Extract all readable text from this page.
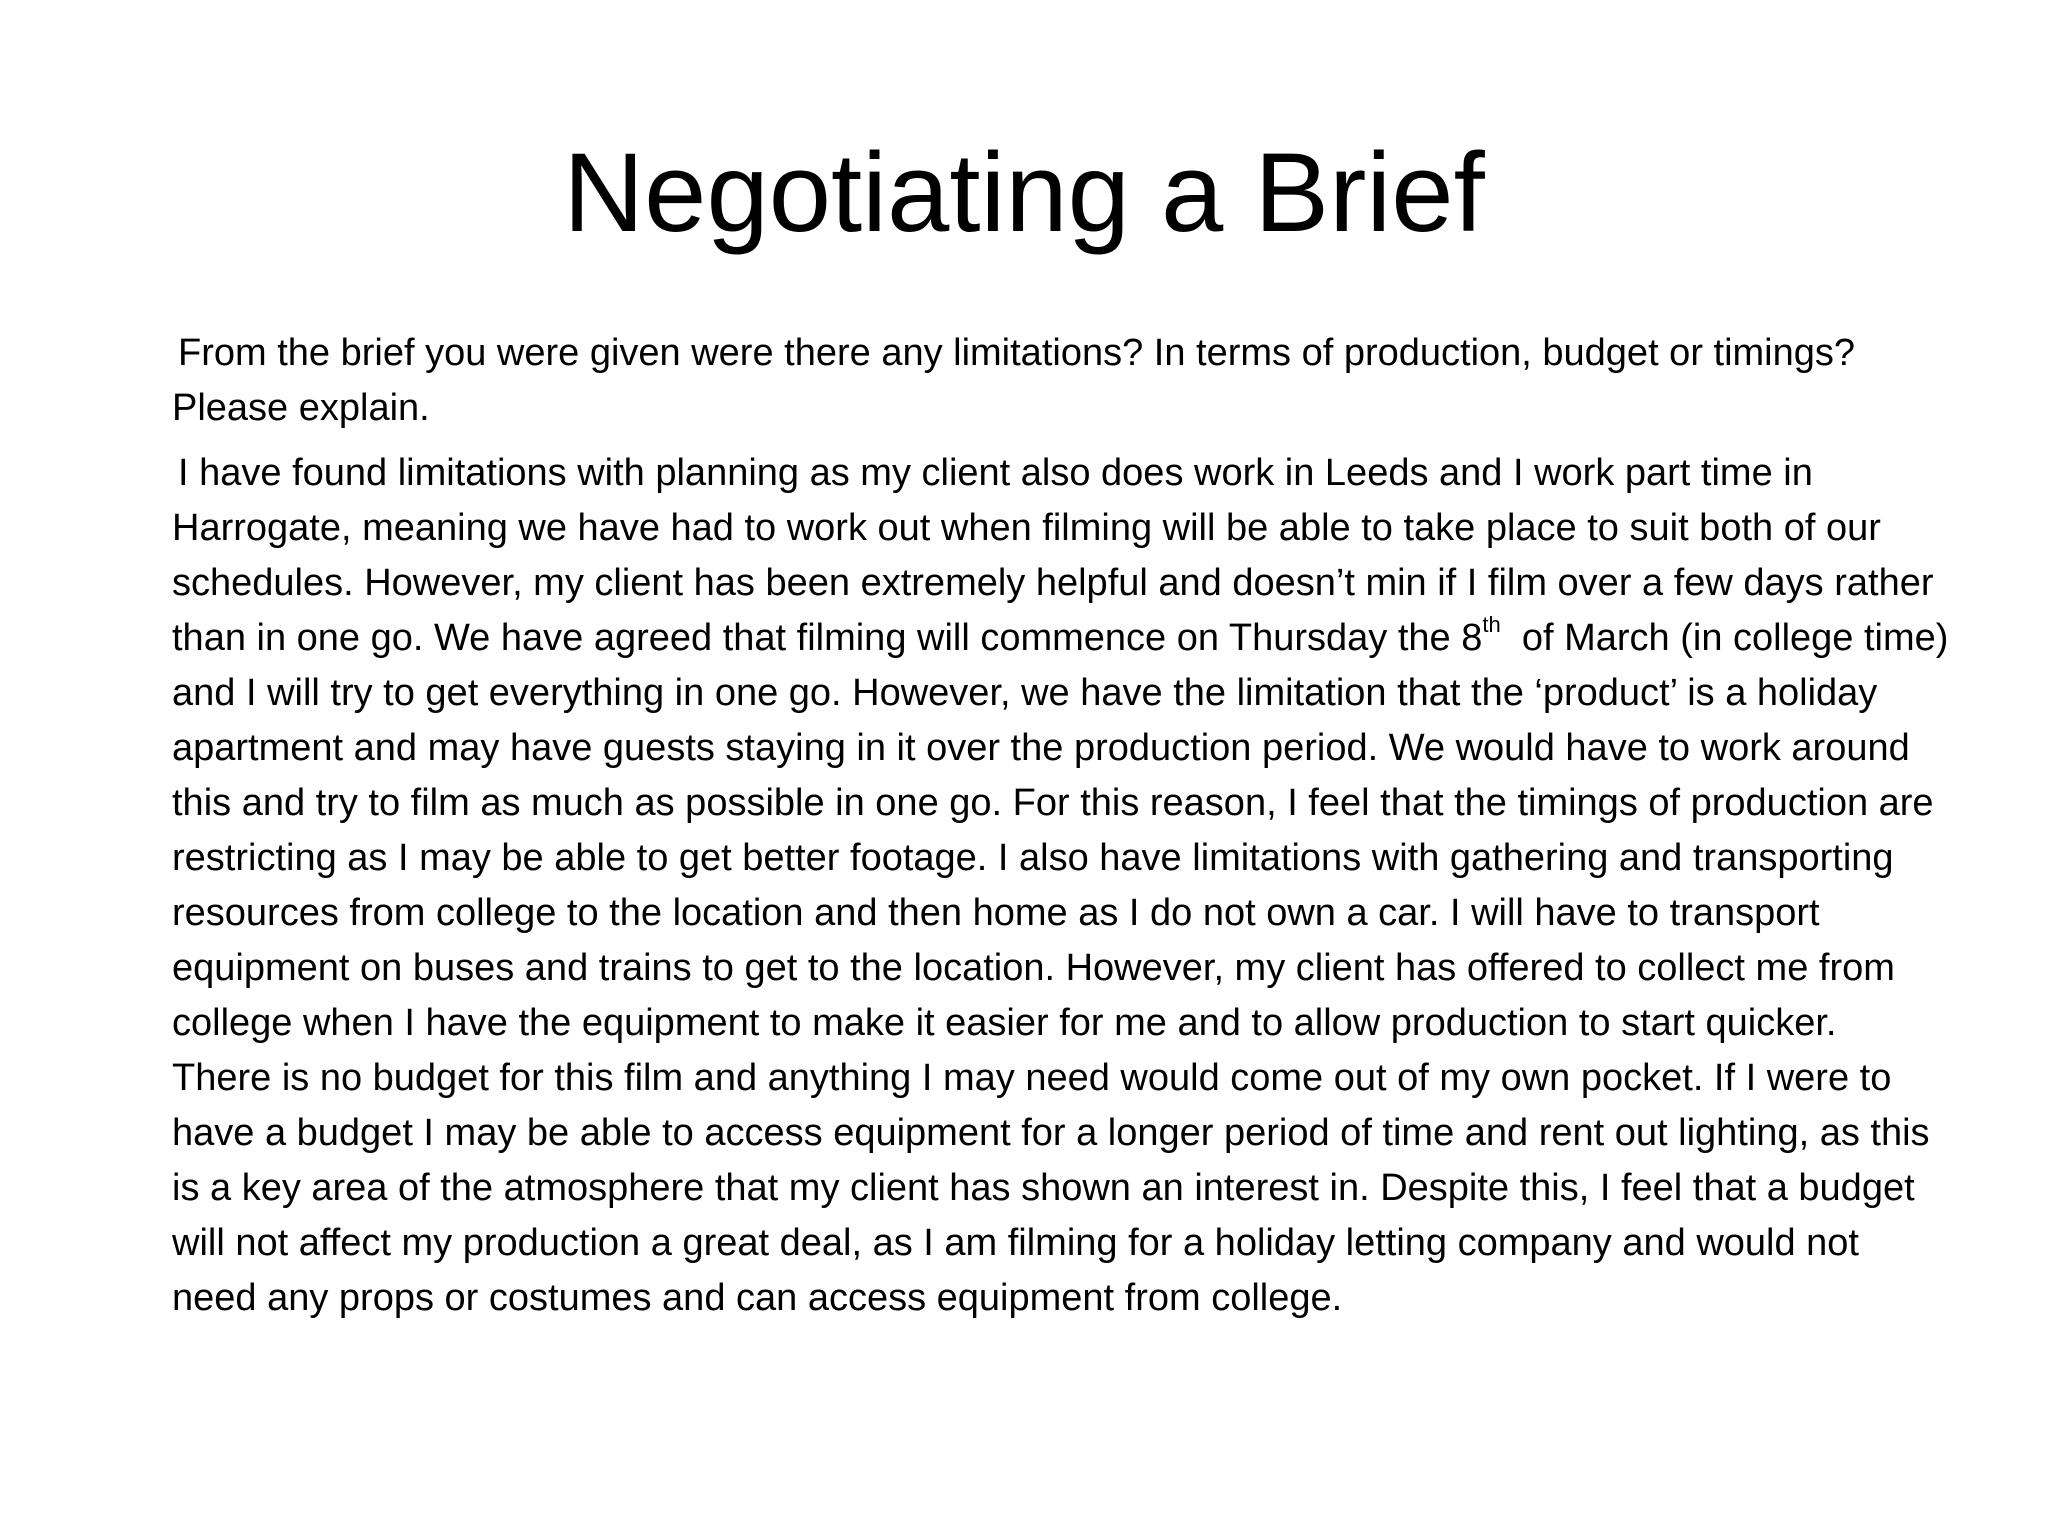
Negotiating a Brief

From the brief you were given were there any limitations? In terms of production, budget or timings? Please explain.

I have found limitations with planning as my client also does work in Leeds and I work part time in Harrogate, meaning we have had to work out when filming will be able to take place to suit both of our schedules. However, my client has been extremely helpful and doesn’t min if I film over a few days rather than in one go. We have agreed that filming will commence on Thursday the 8th  of March (in college time) and I will try to get everything in one go. However, we have the limitation that the ‘product’ is a holiday apartment and may have guests staying in it over the production period. We would have to work around this and try to film as much as possible in one go. For this reason, I feel that the timings of production are restricting as I may be able to get better footage. I also have limitations with gathering and transporting resources from college to the location and then home as I do not own a car. I will have to transport equipment on buses and trains to get to the location. However, my client has offered to collect me from college when I have the equipment to make it easier for me and to allow production to start quicker.  There is no budget for this film and anything I may need would come out of my own pocket. If I were to have a budget I may be able to access equipment for a longer period of time and rent out lighting, as this is a key area of the atmosphere that my client has shown an interest in. Despite this, I feel that a budget will not affect my production a great deal, as I am filming for a holiday letting company and would not need any props or costumes and can access equipment from college.
